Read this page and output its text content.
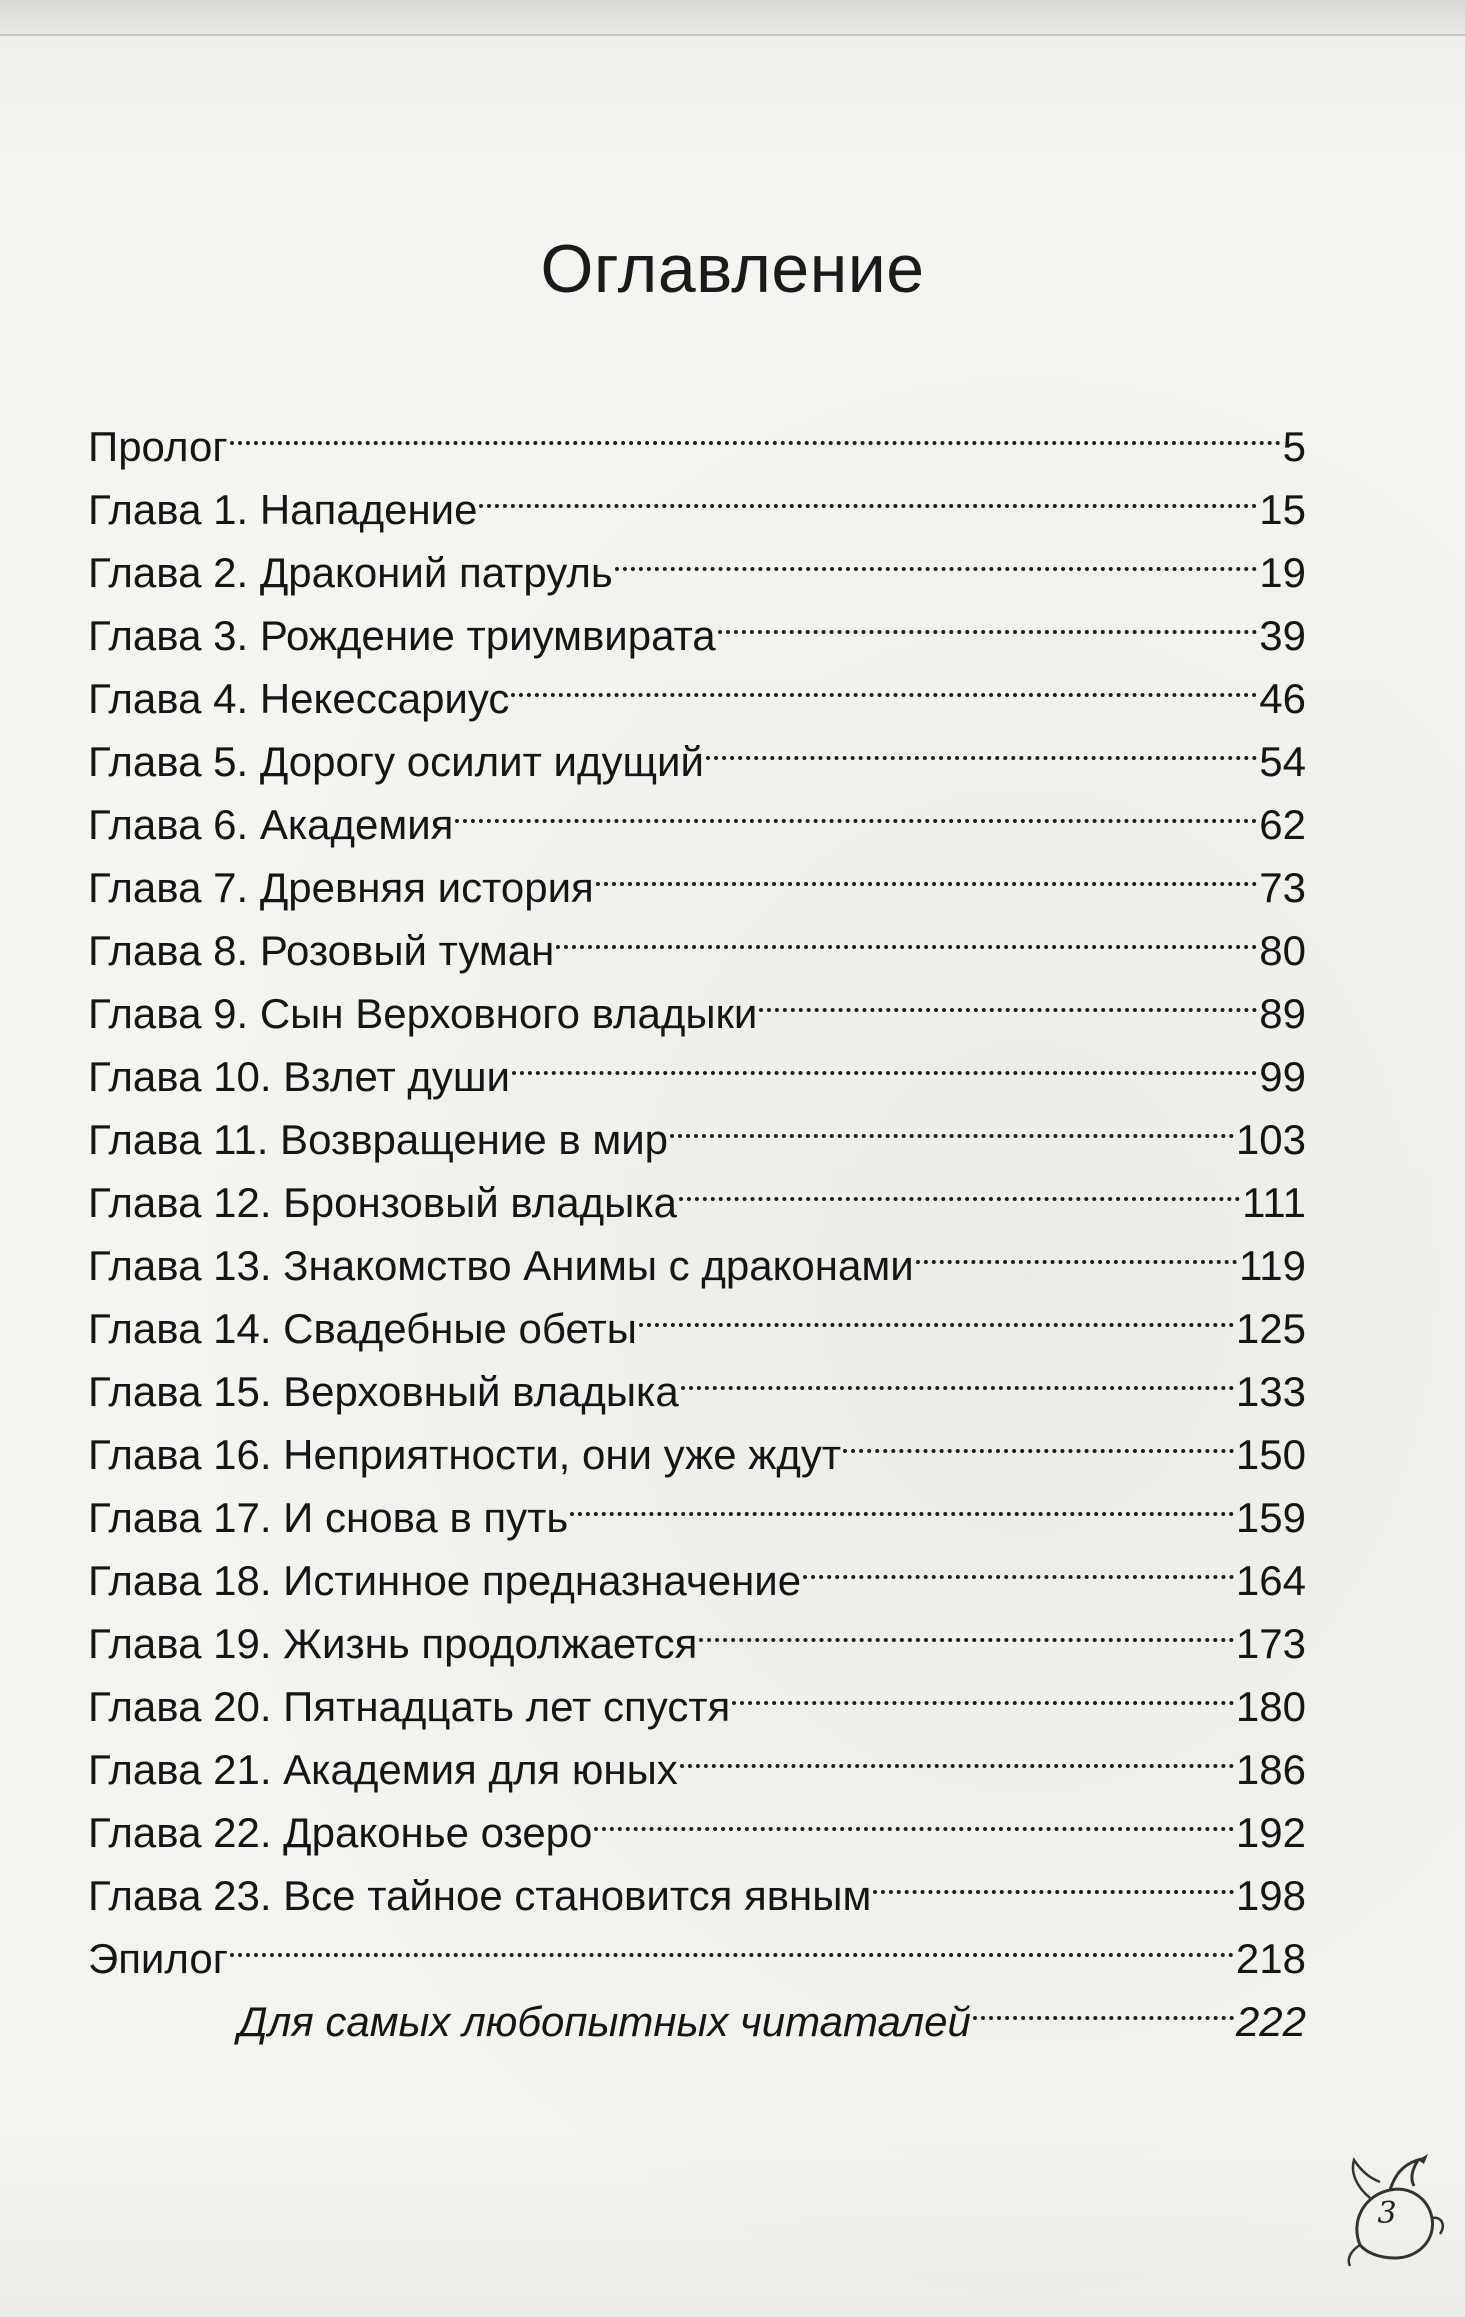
Оглавление
Пролог	5
Глава 1. Нападение	15
Глава 2. Драконий патруль	19
Глава 3. Рождение триумвирата	39
Глава 4. Некессариус	46
Глава 5. Дорогу осилит идущий	54
Глава 6. Академия	62
Глава 7. Древняя история	73
Глава 8. Розовый туман	80
Глава 9. Сын Верховного владыки	89
Глава 10. Взлет души	99
Глава 11. Возвращение в мир	103
Глава 12. Бронзовый владыка	111
Глава 13. Знакомство Анимы с драконами	119
Глава 14. Свадебные обеты	125
Глава 15. Верховный владыка	133
Глава 16. Неприятности, они уже ждут	150
Глава 17. И снова в путь	159
Глава 18. Истинное предназначение	164
Глава 19. Жизнь продолжается	173
Глава 20. Пятнадцать лет спустя	180
Глава 21. Академия для юных	186
Глава 22. Драконье озеро	192
Глава 23. Все тайное становится явным	198
Эпилог	218
Для самых любопытных читаталей	222
3
